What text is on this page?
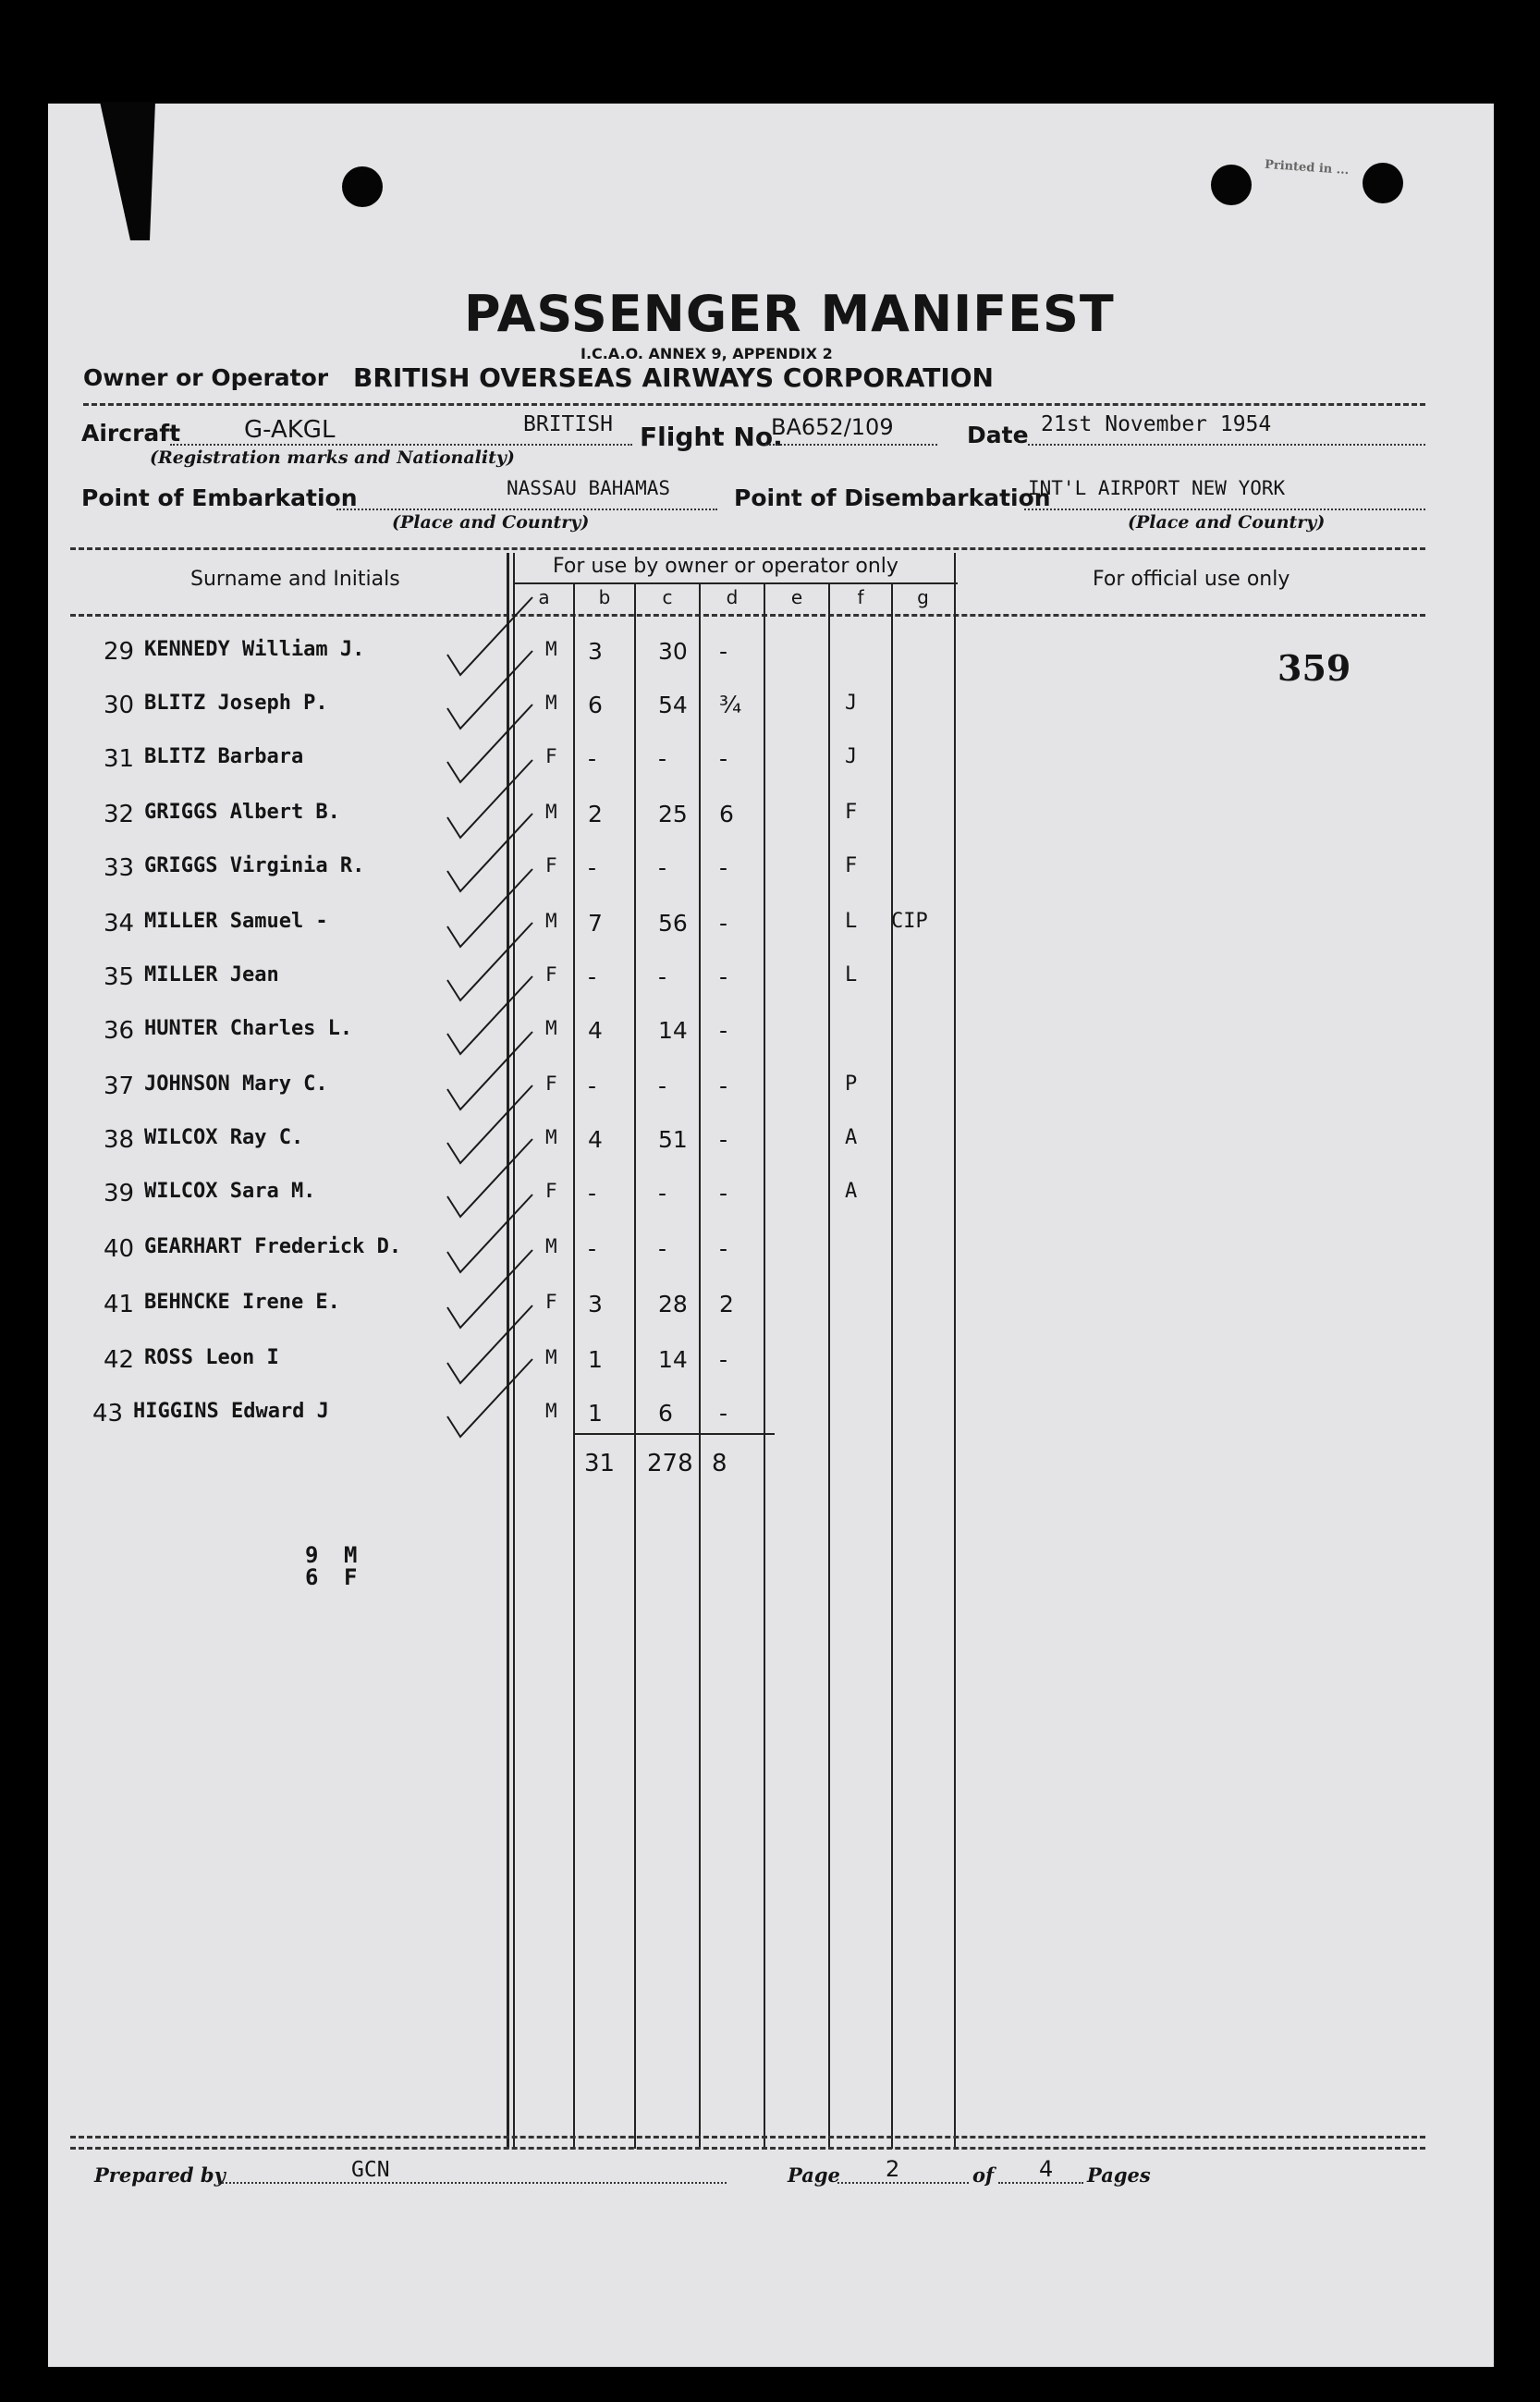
Printed in ...
PASSENGER MANIFEST
I.C.A.O. ANNEX 9, APPENDIX 2
Owner or Operator BRITISH OVERSEAS AIRWAYS CORPORATION
Aircraft	G-AKGL	BRITISH Flight No.
BA652/109	Date 21st November 1954
(Registration marks and Nationality)
Point of Embarkation	NASSAU BAHAMAS	Point of Disembarkation
INT'L AIRPORT NEW YORK
(Place and Country)	(Place and Country)
Surname and Initials
For use by owner or operator only
For official use only
a	b	c	d	e	f	g
359
29 KENNEDY William J.	M 3 30 -
30 BLITZ Joseph P.	M 6 54 ¾	J
31 BLITZ Barbara	F -	- -	J
32 GRIGGS Albert B.	M 2 25 6	F
33 GRIGGS Virginia R.	F -	- -	F
34 MILLER Samuel -	M 7 56 -	L CIP
35 MILLER Jean	F -	- -	L
36 HUNTER Charles L.	M 4 14 -
37 JOHNSON Mary C.	F -	- -	P
38 WILCOX Ray C.	M 4 51 -	A
39 WILCOX Sara M.	F -	- -	A
40 GEARHART Frederick D.	M -	- -
41 BEHNCKE Irene E.	F 3 28 2
42 ROSS Leon I	M 1 14 -
43 HIGGINS Edward J	M 1 6 -
31 278 8
9 M
6 F
Prepared by	GCN	Page 2	of 4 Pages
